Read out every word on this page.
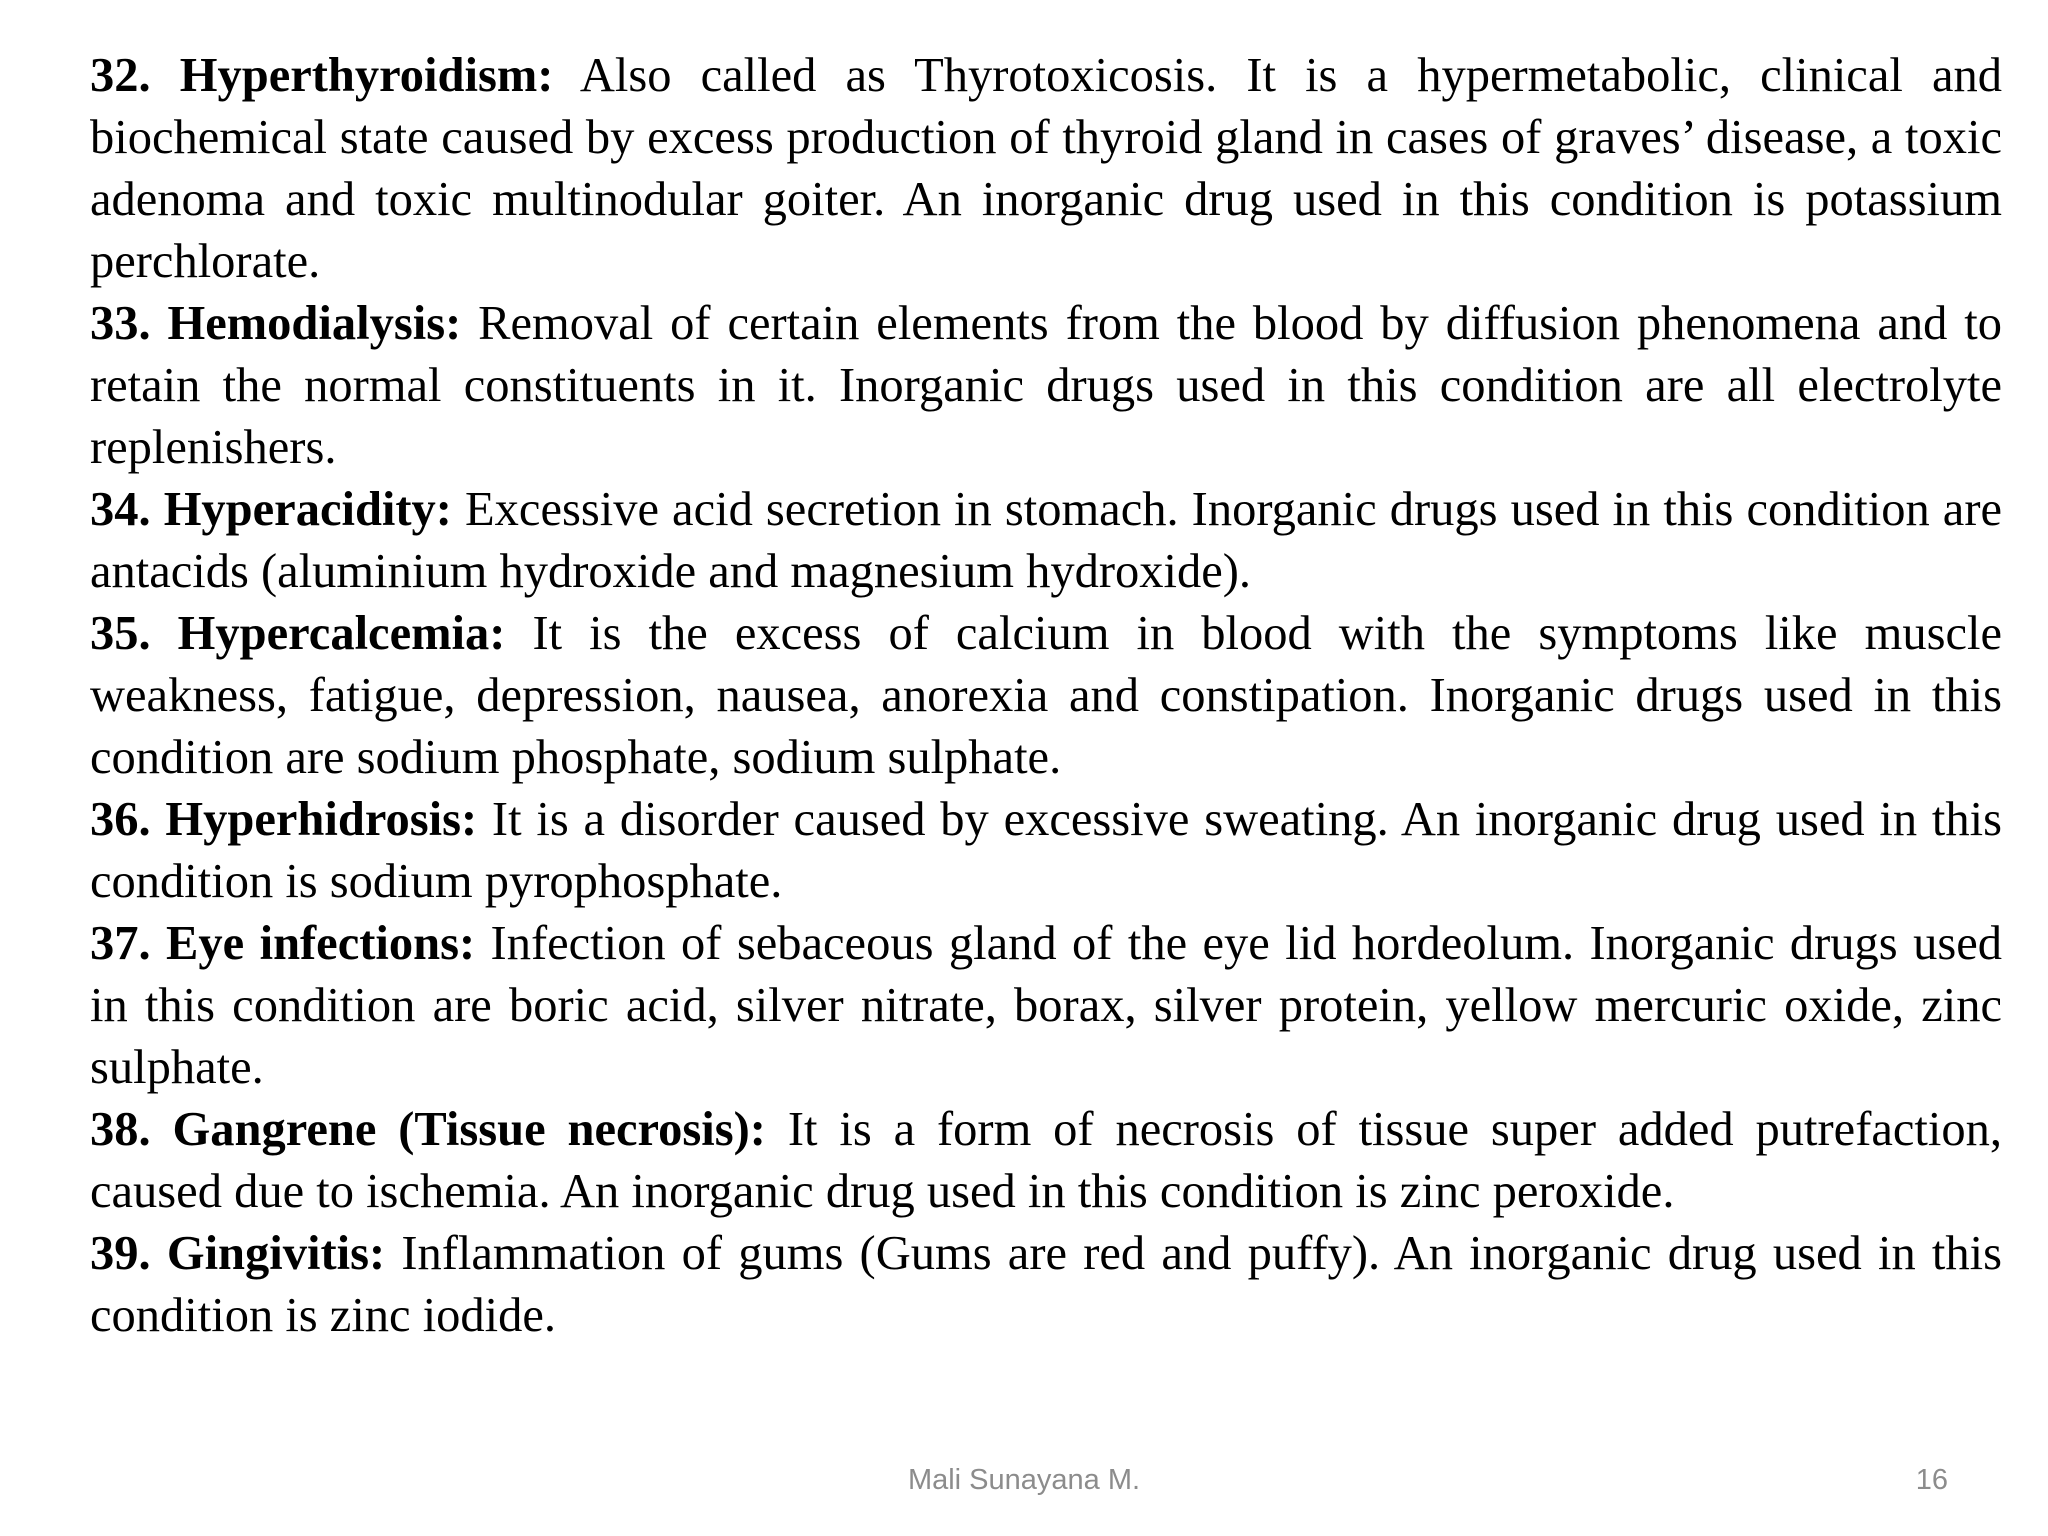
32. Hyperthyroidism: Also called as Thyrotoxicosis. It is a hypermetabolic, clinical and biochemical state caused by excess production of thyroid gland in cases of graves’ disease, a toxic adenoma and toxic multinodular goiter. An inorganic drug used in this condition is potassium perchlorate.

33. Hemodialysis: Removal of certain elements from the blood by diffusion phenomena and to retain the normal constituents in it. Inorganic drugs used in this condition are all electrolyte replenishers.

34. Hyperacidity: Excessive acid secretion in stomach. Inorganic drugs used in this condition are antacids (aluminium hydroxide and magnesium hydroxide).

35. Hypercalcemia: It is the excess of calcium in blood with the symptoms like muscle weakness, fatigue, depression, nausea, anorexia and constipation. Inorganic drugs used in this condition are sodium phosphate, sodium sulphate.

36. Hyperhidrosis: It is a disorder caused by excessive sweating. An inorganic drug used in this condition is sodium pyrophosphate.

37. Eye infections: Infection of sebaceous gland of the eye lid hordeolum. Inorganic drugs used in this condition are boric acid, silver nitrate, borax, silver protein, yellow mercuric oxide, zinc sulphate.

38. Gangrene (Tissue necrosis): It is a form of necrosis of tissue super added putrefaction, caused due to ischemia. An inorganic drug used in this condition is zinc peroxide.

39. Gingivitis: Inflammation of gums (Gums are red and puffy). An inorganic drug used in this condition is zinc iodide.

Mali Sunayana M.	16
